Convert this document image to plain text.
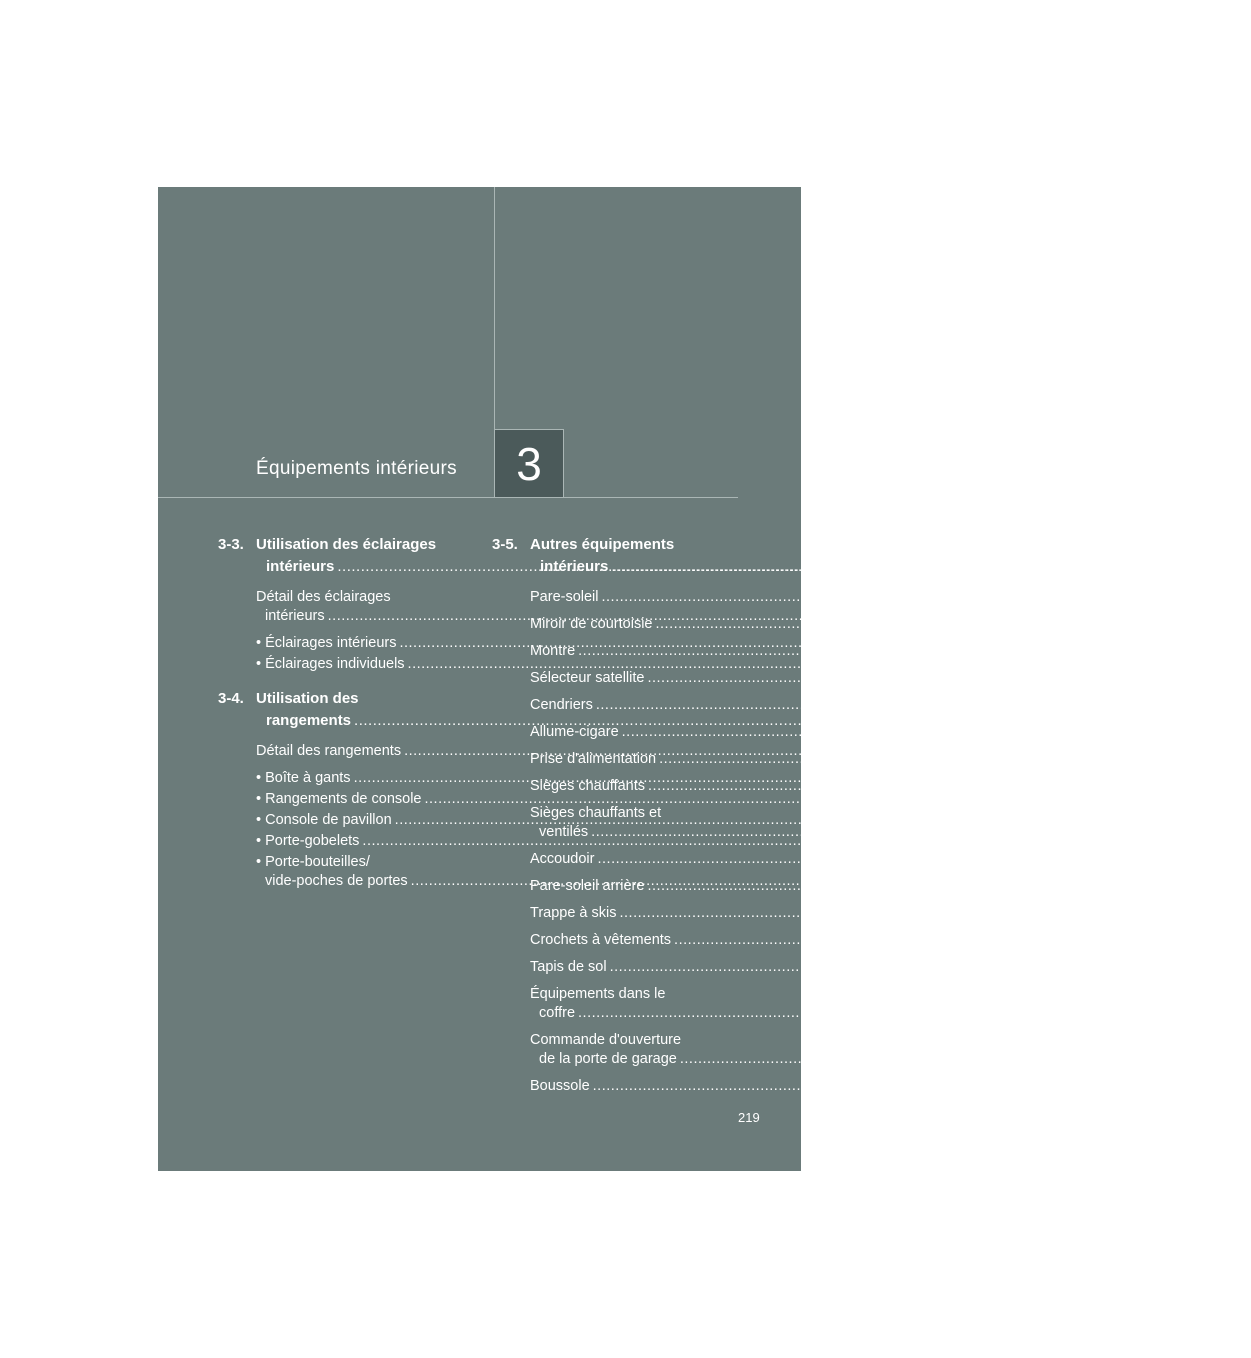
3
Équipements intérieurs
3-3. Utilisation des éclairages
intérieurs .....	262
Détail des éclairages
intérieurs .....	262
• Éclairages intérieurs .....	265
• Éclairages individuels .....	265
3-4. Utilisation des
rangements .....	267
Détail des rangements .....	267
• Boîte à gants .....	267
• Rangements de console .....	268
• Console de pavillon .....	269
• Porte-gobelets .....	270
• Porte-bouteilles/
vide-poches de portes .....	272
3-5. Autres équipements
intérieurs .....	273
Pare-soleil .....	273
Miroir de courtoisie .....	274
Montre .....	275
Sélecteur satellite .....	276
Cendriers .....	279
Allume-cigare .....	280
Prise d'alimentation .....	281
Sièges chauffants .....	282
Sièges chauffants et
ventilés .....	284
Accoudoir .....	286
Pare-soleil arrière .....	287
Trappe à skis .....	290
Crochets à vêtements .....	291
Tapis de sol .....	292
Équipements dans le
coffre .....	293
Commande d'ouverture
de la porte de garage .....	296
Boussole .....	304
219
